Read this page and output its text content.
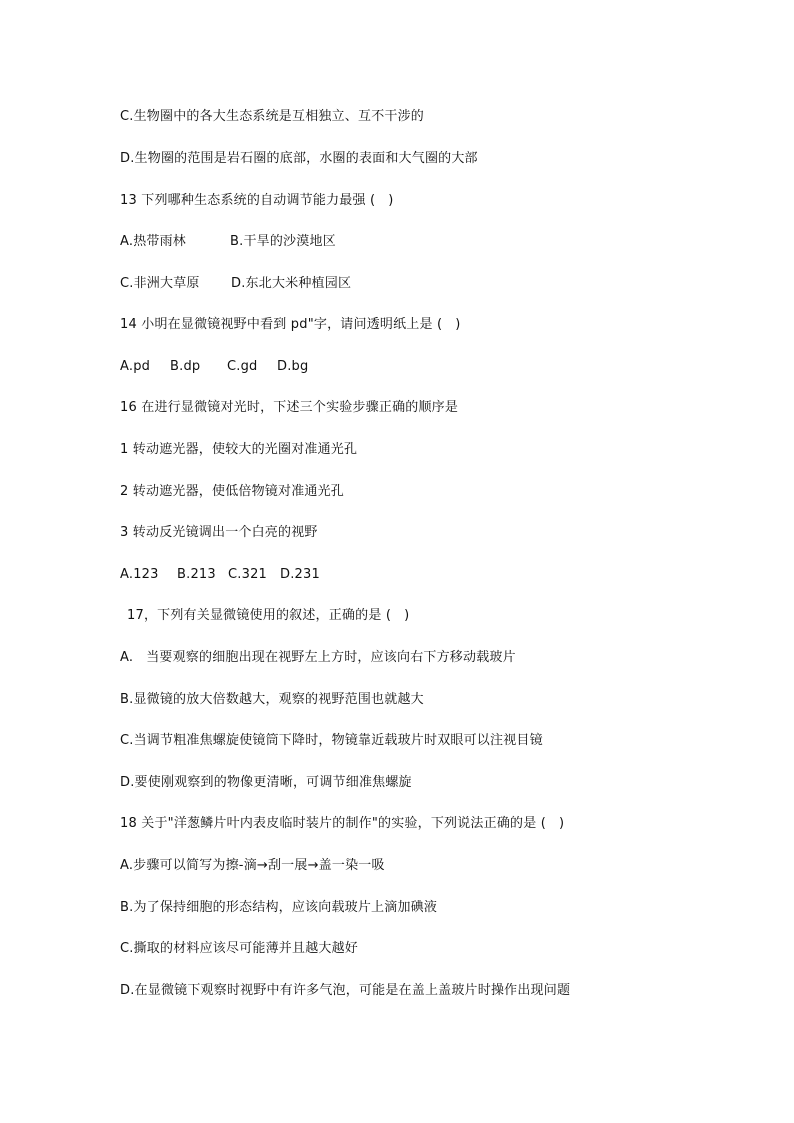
C.生物圈中的各大生态系统是互相独立、互不干涉的
D.生物圈的范围是岩石圈的底部，水圈的表面和大气圈的大部
13 下列哪种生态系统的自动调节能力最强 (   )
A.热带雨林	B.干旱的沙漠地区
C.非洲大草原 D.东北大米种植园区
14 小明在显微镜视野中看到 pd"字，请问透明纸上是 (   )
A.pd B.dp C.gd D.bg
16 在进行显微镜对光时，下述三个实验步骤正确的顺序是
1 转动遮光器，使较大的光圈对准通光孔
2 转动遮光器，使低倍物镜对准通光孔
3 转动反光镜调出一个白亮的视野
A.123 B.213 C.321 D.231
17，下列有关显微镜使用的叙述，正确的是 (   )
A.   当要观察的细胞出现在视野左上方时，应该向右下方移动载玻片
B.显微镜的放大倍数越大，观察的视野范围也就越大
C.当调节粗准焦螺旋使镜筒下降时，物镜靠近载玻片时双眼可以注视目镜
D.要使刚观察到的物像更清晰，可调节细准焦螺旋
18 关于"洋葱鳞片叶内表皮临时装片的制作"的实验，下列说法正确的是 (   )
A.步骤可以简写为擦-滴→刮一展→盖一染一吸
B.为了保持细胞的形态结构，应该向载玻片上滴加碘液
C.撕取的材料应该尽可能薄并且越大越好
D.在显微镜下观察时视野中有许多气泡，可能是在盖上盖玻片时操作出现问题
